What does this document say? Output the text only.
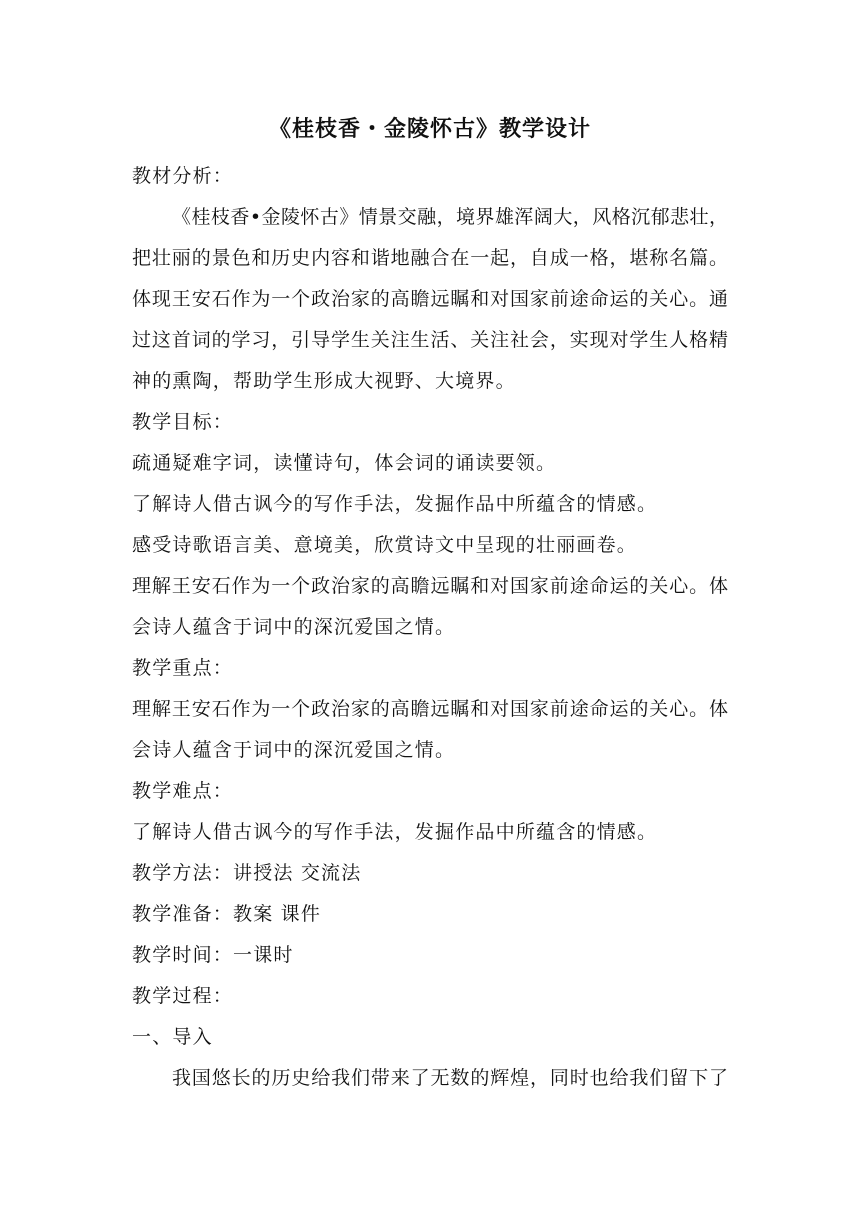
《桂枝香・金陵怀古》教学设计
教材分析：
《桂枝香•金陵怀古》情景交融，境界雄浑阔大，风格沉郁悲壮，
把壮丽的景色和历史内容和谐地融合在一起，自成一格，堪称名篇。
体现王安石作为一个政治家的高瞻远瞩和对国家前途命运的关心。通
过这首词的学习，引导学生关注生活、关注社会，实现对学生人格精
神的熏陶，帮助学生形成大视野、大境界。
教学目标：
疏通疑难字词，读懂诗句，体会词的诵读要领。
了解诗人借古讽今的写作手法，发掘作品中所蕴含的情感。
感受诗歌语言美、意境美，欣赏诗文中呈现的壮丽画卷。
理解王安石作为一个政治家的高瞻远瞩和对国家前途命运的关心。体
会诗人蕴含于词中的深沉爱国之情。
教学重点：
理解王安石作为一个政治家的高瞻远瞩和对国家前途命运的关心。体
会诗人蕴含于词中的深沉爱国之情。
教学难点：
了解诗人借古讽今的写作手法，发掘作品中所蕴含的情感。
教学方法：讲授法 交流法
教学准备：教案 课件
教学时间：一课时
教学过程：
一、导入
我国悠长的历史给我们带来了无数的辉煌，同时也给我们留下了
